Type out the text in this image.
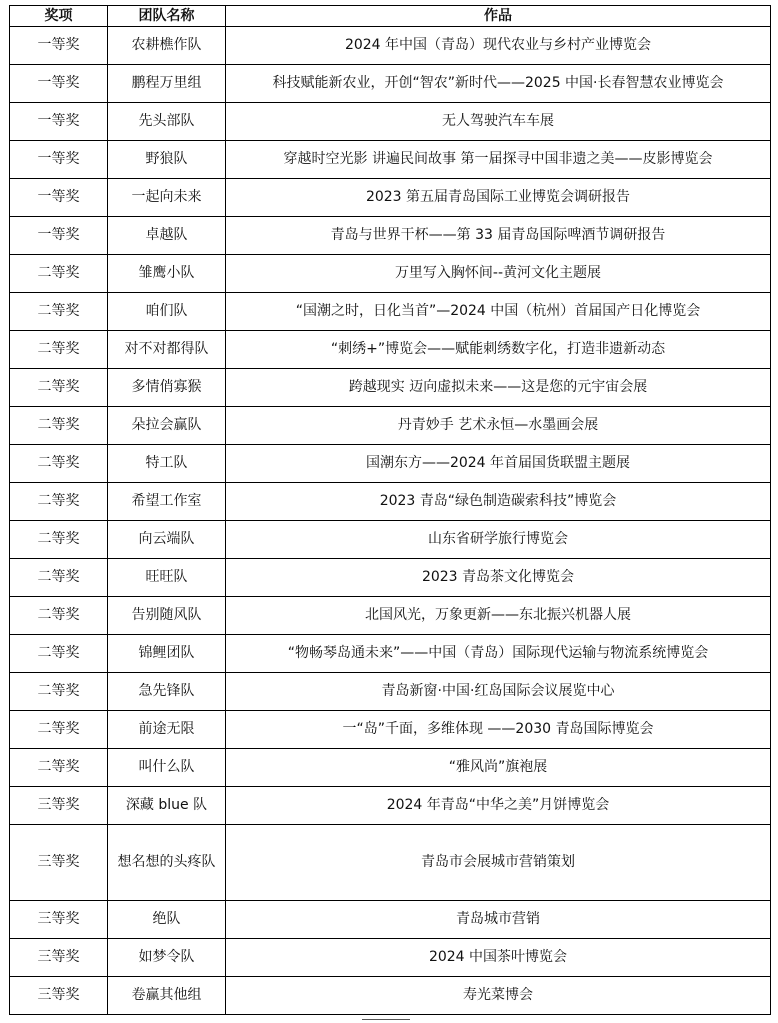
奖项	团队名称	作品
一等奖	农耕樵作队	2024 年中国（青岛）现代农业与乡村产业博览会
一等奖	鹏程万里组	科技赋能新农业，开创“智农”新时代——2025 中国·长春智慧农业博览会
一等奖	先头部队	无人驾驶汽车车展
一等奖	野狼队	穿越时空光影 讲遍民间故事 第一届探寻中国非遗之美——皮影博览会
一等奖	一起向未来	2023 第五届青岛国际工业博览会调研报告
一等奖	卓越队	青岛与世界干杯——第 33 届青岛国际啤酒节调研报告
二等奖	雏鹰小队	万里写入胸怀间--黄河文化主题展
二等奖	咱们队	“国潮之时，日化当首”—2024 中国（杭州）首届国产日化博览会
二等奖	对不对都得队	“刺绣+”博览会——赋能刺绣数字化，打造非遗新动态
二等奖	多情俏寡猴	跨越现实 迈向虚拟未来——这是您的元宇宙会展
二等奖	朵拉会赢队	丹青妙手 艺术永恒—水墨画会展
二等奖	特工队	国潮东方——2024 年首届国货联盟主题展
二等奖	希望工作室	2023 青岛“绿色制造碳索科技”博览会
二等奖	向云端队	山东省研学旅行博览会
二等奖	旺旺队	2023 青岛茶文化博览会
二等奖	告别随风队	北国风光，万象更新——东北振兴机器人展
二等奖	锦鲤团队	“物畅琴岛通未来”——中国（青岛）国际现代运输与物流系统博览会
二等奖	急先锋队	青岛新窗·中国·红岛国际会议展览中心
二等奖	前途无限	一“岛”千面，多维体现 ——2030 青岛国际博览会
二等奖	叫什么队	“雅风尚”旗袍展
三等奖	深藏 blue 队	2024 年青岛“中华之美”月饼博览会
三等奖	想名想的头疼队	青岛市会展城市营销策划
三等奖	绝队	青岛城市营销
三等奖	如梦令队	2024 中国茶叶博览会
三等奖	卷赢其他组	寿光菜博会
